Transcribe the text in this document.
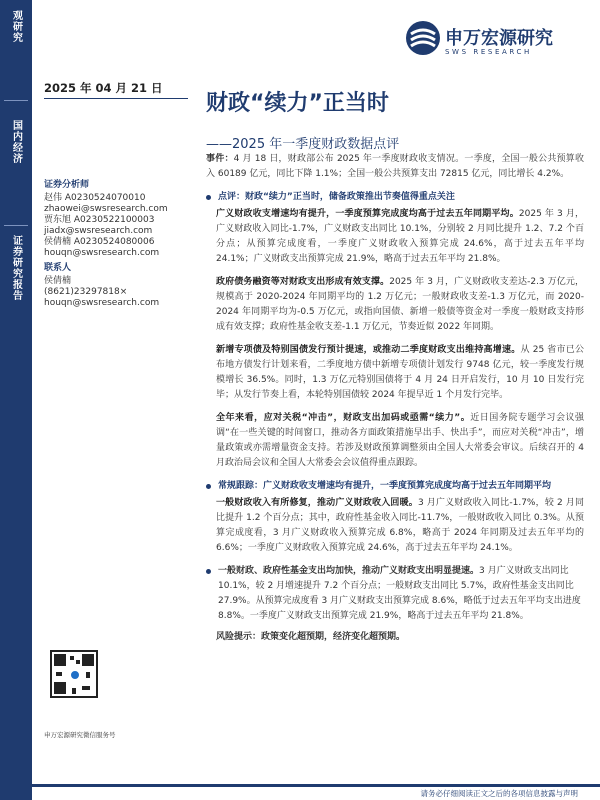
观研究
国内经济
证券研究报告
申万宏源研究
SWS RESEARCH
2025 年 04 月 21 日
财政“续力”正当时
——2025 年一季度财政数据点评
证券分析师
赵伟 A0230524070010
zhaowei@swsresearch.com
贾东旭 A0230522100003
jiadx@swsresearch.com
侯倩楠 A0230524080006
houqn@swsresearch.com
联系人
侯倩楠
(8621)23297818×
houqn@swsresearch.com
申万宏源研究微信服务号
事件：4 月 18 日，财政部公布 2025 年一季度财政收支情况。一季度，全国一般公共预算收入 60189 亿元，同比下降 1.1%；全国一般公共预算支出 72815 亿元，同比增长 4.2%。
点评：财政“续力”正当时，储备政策推出节奏值得重点关注
广义财政收支增速均有提升，一季度预算完成度均高于过去五年同期平均。2025 年 3 月，广义财政收入同比-1.7%，广义财政支出同比 10.1%，分别较 2 月同比提升 1.2、7.2 个百分点；从预算完成度看，一季度广义财政收入预算完成 24.6%，高于过去五年平均 24.1%；广义财政支出预算完成 21.9%，略高于过去五年平均 21.8%。
政府债务融资等对财政支出形成有效支撑。2025 年 3 月，广义财政收支差达-2.3 万亿元，规模高于 2020-2024 年同期平均的 1.2 万亿元；一般财政收支差-1.3 万亿元，而 2020-2024 年同期平均为-0.5 万亿元，或指向国债、新增一般债等资金对一季度一般财政支持形成有效支撑；政府性基金收支差-1.1 万亿元，节奏近似 2022 年同期。
新增专项债及特别国债发行预计提速，或推动二季度财政支出维持高增速。从 25 省市已公布地方债发行计划来看，二季度地方债中新增专项债计划发行 9748 亿元，较一季度发行规模增长 36.5%。同时，1.3 万亿元特别国债将于 4 月 24 日开启发行，10 月 10 日发行完毕；从发行节奏上看，本轮特别国债较 2024 年提早近 1 个月发行完毕。
全年来看，应对关税“冲击”，财政支出加码或亟需“续力”。近日国务院专题学习会议强调“在一些关键的时间窗口，推动各方面政策措施早出手、快出手”，而应对关税“冲击”，增量政策或亦需增量资金支持。若涉及财政预算调整须由全国人大常委会审议。后续召开的 4 月政治局会议和全国人大常委会会议值得重点跟踪。
常规跟踪：广义财政收支增速均有提升，一季度预算完成度均高于过去五年同期平均
一般财政收入有所修复，推动广义财政收入回暖。3 月广义财政收入同比-1.7%，较 2 月同比提升 1.2 个百分点；其中，政府性基金收入同比-11.7%，一般财政收入同比 0.3%。从预算完成度看，3 月广义财政收入预算完成 6.8%，略高于 2024 年同期及过去五年平均的 6.6%；一季度广义财政收入预算完成 24.6%，高于过去五年平均 24.1%。
一般财政、政府性基金支出均加快，推动广义财政支出明显提速。3 月广义财政支出同比 10.1%，较 2 月增速提升 7.2 个百分点；一般财政支出同比 5.7%，政府性基金支出同比 27.9%。从预算完成度看 3 月广义财政支出预算完成 8.6%，略低于过去五年平均支出进度 8.8%。一季度广义财政支出预算完成 21.9%，略高于过去五年平均 21.8%。
风险提示：政策变化超预期，经济变化超预期。
请务必仔细阅读正文之后的各项信息披露与声明
